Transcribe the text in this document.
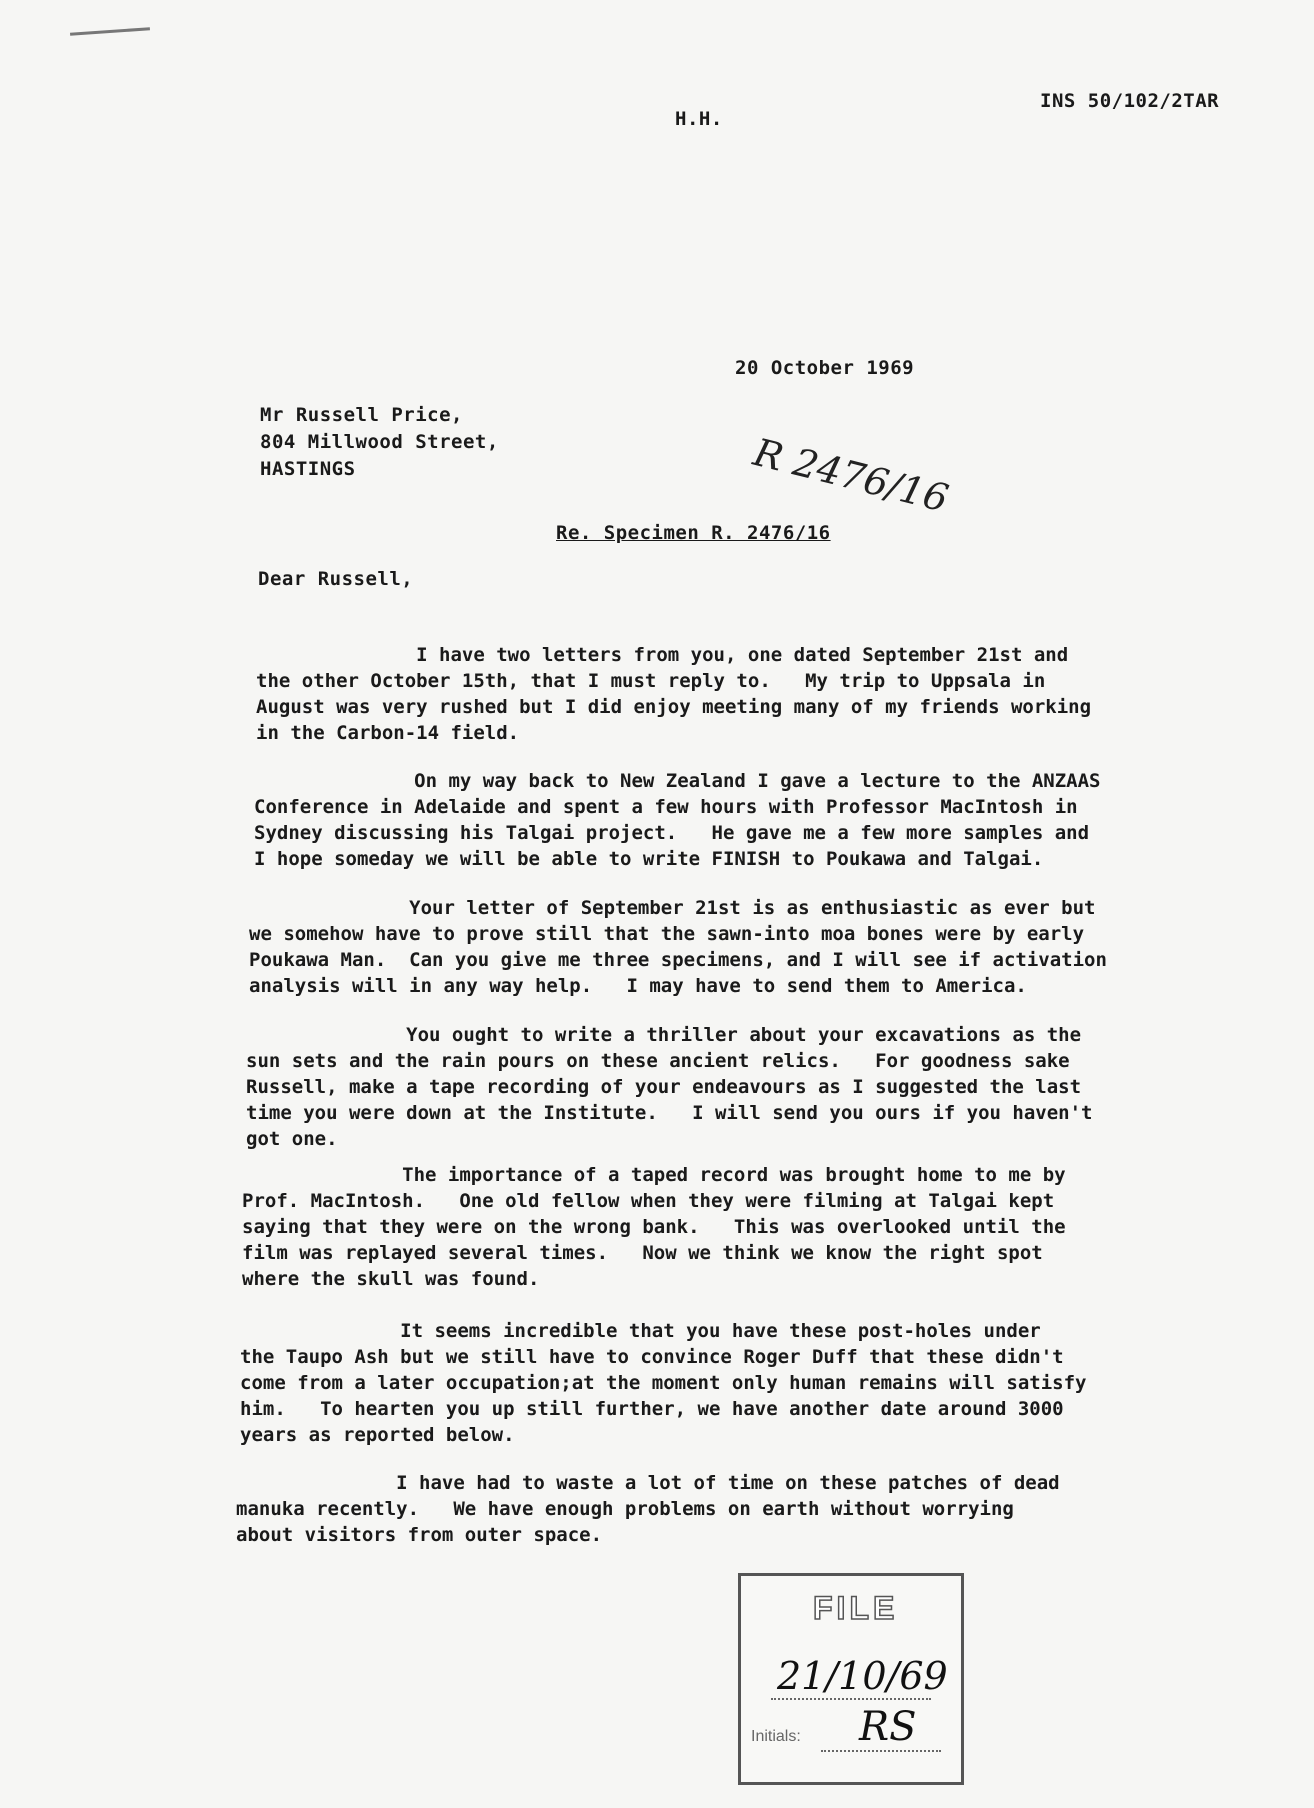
INS 50/102/2TAR
H.H.
20 October 1969
Mr Russell Price,
804 Millwood Street,
HASTINGS	R 2476/16
Re. Specimen R. 2476/16
Dear Russell,
I have two letters from you, one dated September 21st and
the other October 15th, that I must reply to.   My trip to Uppsala in
August was very rushed but I did enjoy meeting many of my friends working
in the Carbon-14 field.
On my way back to New Zealand I gave a lecture to the ANZAAS
Conference in Adelaide and spent a few hours with Professor MacIntosh in
Sydney discussing his Talgai project.   He gave me a few more samples and
I hope someday we will be able to write FINISH to Poukawa and Talgai.
Your letter of September 21st is as enthusiastic as ever but
we somehow have to prove still that the sawn-into moa bones were by early
Poukawa Man.  Can you give me three specimens, and I will see if activation
analysis will in any way help.   I may have to send them to America.
You ought to write a thriller about your excavations as the
sun sets and the rain pours on these ancient relics.   For goodness sake
Russell, make a tape recording of your endeavours as I suggested the last
time you were down at the Institute.   I will send you ours if you haven't
got one.
The importance of a taped record was brought home to me by
Prof. MacIntosh.   One old fellow when they were filming at Talgai kept
saying that they were on the wrong bank.   This was overlooked until the
film was replayed several times.   Now we think we know the right spot
where the skull was found.
It seems incredible that you have these post-holes under
the Taupo Ash but we still have to convince Roger Duff that these didn't
come from a later occupation;at the moment only human remains will satisfy
him.   To hearten you up still further, we have another date around 3000
years as reported below.
I have had to waste a lot of time on these patches of dead
manuka recently.   We have enough problems on earth without worrying
about visitors from outer space.
FILE
21/10/69
Initials: RS
